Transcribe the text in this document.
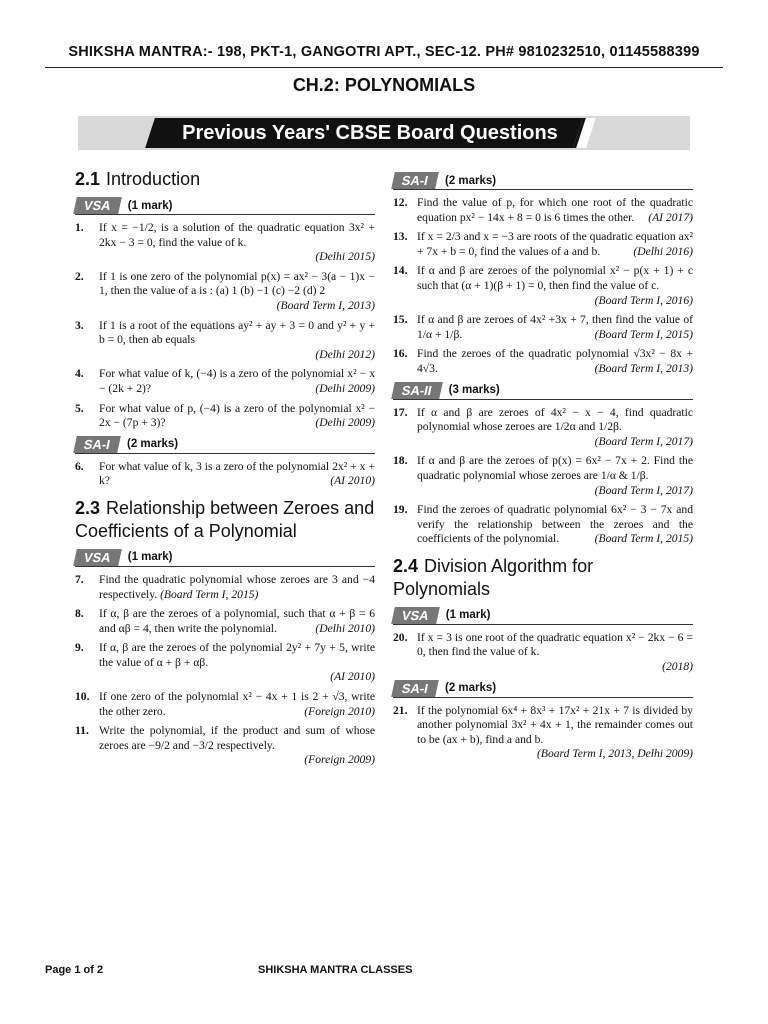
SHIKSHA MANTRA:- 198, PKT-1, GANGOTRI APT., SEC-12. PH# 9810232510, 01145588399
CH.2: POLYNOMIALS
Previous Years' CBSE Board Questions
2.1 Introduction
VSA	(1 mark)
1.	If x = −1/2, is a solution of the quadratic equation 3x² + 2kx − 3 = 0, find the value of k.
(Delhi 2015)
2.	If 1 is one zero of the polynomial p(x) = ax² − 3(a − 1)x − 1, then the value of a is : (a) 1 (b) −1 (c) −2 (d) 2
(Board Term I, 2013)
3.	If 1 is a root of the equations ay² + ay + 3 = 0 and y² + y + b = 0, then ab equals
(Delhi 2012)
4.	For what value of k, (−4) is a zero of the polynomial x² − x − (2k + 2)?	(Delhi 2009)
5.	For what value of p, (−4) is a zero of the polynomial x² − 2x − (7p + 3)?	(Delhi 2009)
SA-I	(2 marks)
6.	For what value of k, 3 is a zero of the polynomial 2x² + x + k?	(AI 2010)
2.3 Relationship between Zeroes and Coefficients of a Polynomial
VSA	(1 mark)
7.	Find the quadratic polynomial whose zeroes are 3 and −4 respectively. (Board Term I, 2015)
8.	If α, β are the zeroes of a polynomial, such that α + β = 6 and αβ = 4, then write the polynomial.	(Delhi 2010)
9.	If α, β are the zeroes of the polynomial 2y² + 7y + 5, write the value of α + β + αβ.
(AI 2010)
10. If one zero of the polynomial x² − 4x + 1 is 2 + √3, write the other zero.	(Foreign 2010)
11. Write the polynomial, if the product and sum of whose zeroes are −9/2 and −3/2 respectively.
(Foreign 2009)
SA-I	(2 marks)
12. Find the value of p, for which one root of the quadratic equation px² − 14x + 8 = 0 is 6 times the other. (AI 2017)
13. If x = 2/3 and x = −3 are roots of the quadratic equation ax² + 7x + b = 0, find the values of a and b.	(Delhi 2016)
14. If α and β are zeroes of the polynomial x² − p(x + 1) + c such that (α + 1)(β + 1) = 0, then find the value of c.
(Board Term I, 2016)
15. If α and β are zeroes of 4x² +3x + 7, then find the value of 1/α + 1/β.	(Board Term I, 2015)
16. Find the zeroes of the quadratic polynomial √3x² − 8x + 4√3.	(Board Term I, 2013)
SA-II	(3 marks)
17. If α and β are zeroes of 4x² − x − 4, find quadratic polynomial whose zeroes are 1/2α and 1/2β.
(Board Term I, 2017)
18. If α and β are the zeroes of p(x) = 6x² − 7x + 2. Find the quadratic polynomial whose zeroes are 1/α & 1/β.
(Board Term I, 2017)
19. Find the zeroes of quadratic polynomial 6x² − 3 − 7x and verify the relationship between the zeroes and the coefficients of the polynomial.	(Board Term I, 2015)
2.4 Division Algorithm for Polynomials
VSA	(1 mark)
20. If x = 3 is one root of the quadratic equation x² − 2kx − 6 = 0, then find the value of k.
(2018)
SA-I	(2 marks)
21. If the polynomial 6x⁴ + 8x³ + 17x² + 21x + 7 is divided by another polynomial 3x² + 4x + 1, the remainder comes out to be (ax + b), find a and b.
(Board Term I, 2013, Delhi 2009)
Page 1 of 2	SHIKSHA MANTRA CLASSES
